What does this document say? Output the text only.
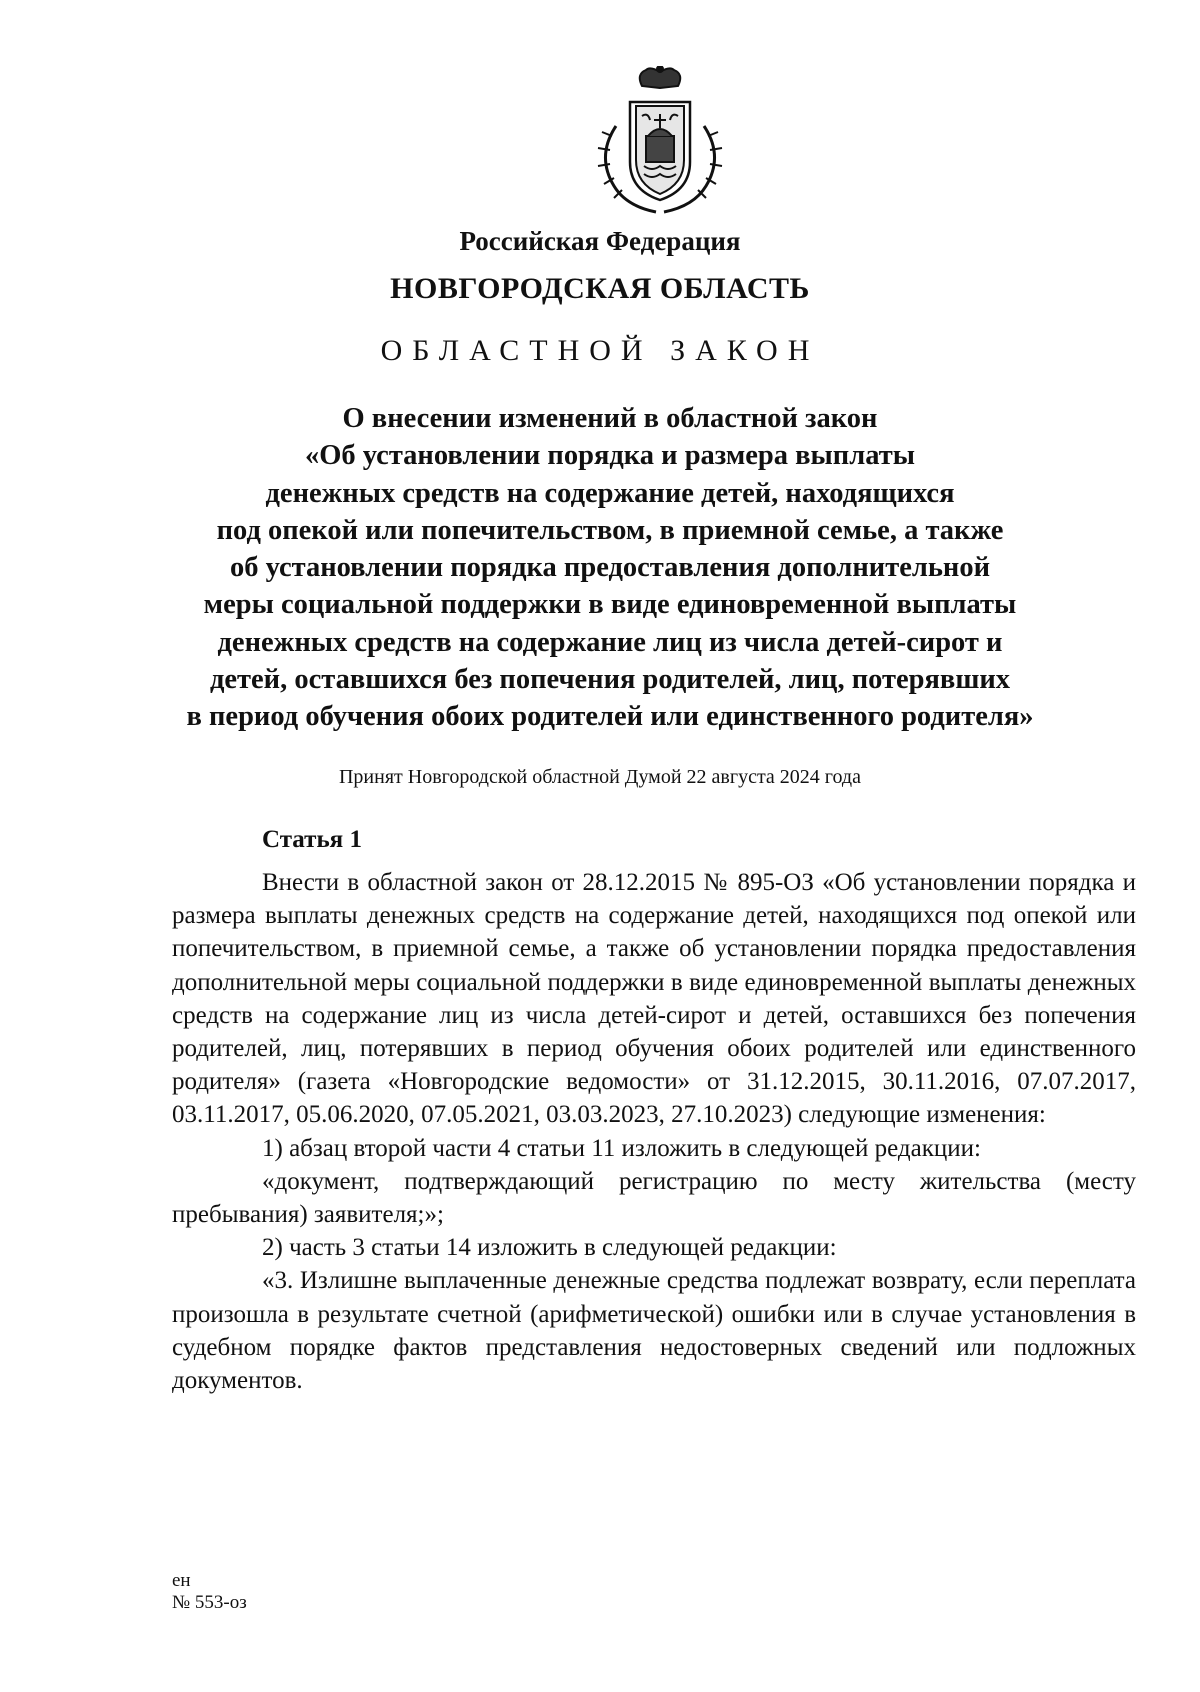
Российская Федерация
НОВГОРОДСКАЯ ОБЛАСТЬ
ОБЛАСТНОЙ ЗАКОН
О внесении изменений в областной закон
«Об установлении порядка и размера выплаты
денежных средств на содержание детей, находящихся
под опекой или попечительством, в приемной семье, а также
об установлении порядка предоставления дополнительной
меры социальной поддержки в виде единовременной выплаты
денежных средств на содержание лиц из числа детей-сирот и
детей, оставшихся без попечения родителей, лиц, потерявших
в период обучения обоих родителей или единственного родителя»
Принят Новгородской областной Думой 22 августа 2024 года
Статья 1

Внести в областной закон от 28.12.2015 № 895-ОЗ «Об установлении порядка и размера выплаты денежных средств на содержание детей, находящихся под опекой или попечительством, в приемной семье, а также об установлении порядка предоставления дополнительной меры социальной поддержки в виде единовременной выплаты денежных средств на содержание лиц из числа детей-сирот и детей, оставшихся без попечения родителей, лиц, потерявших в период обучения обоих родителей или единственного родителя» (газета «Новгородские ведомости» от 31.12.2015, 30.11.2016, 07.07.2017, 03.11.2017, 05.06.2020, 07.05.2021, 03.03.2023, 27.10.2023) следующие изменения:

1) абзац второй части 4 статьи 11 изложить в следующей редакции:

«документ, подтверждающий регистрацию по месту жительства (месту пребывания) заявителя;»;

2) часть 3 статьи 14 изложить в следующей редакции:

«3. Излишне выплаченные денежные средства подлежат возврату, если переплата произошла в результате счетной (арифметической) ошибки или в случае установления в судебном порядке фактов представления недостоверных сведений или подложных документов.

ен
№ 553-оз
